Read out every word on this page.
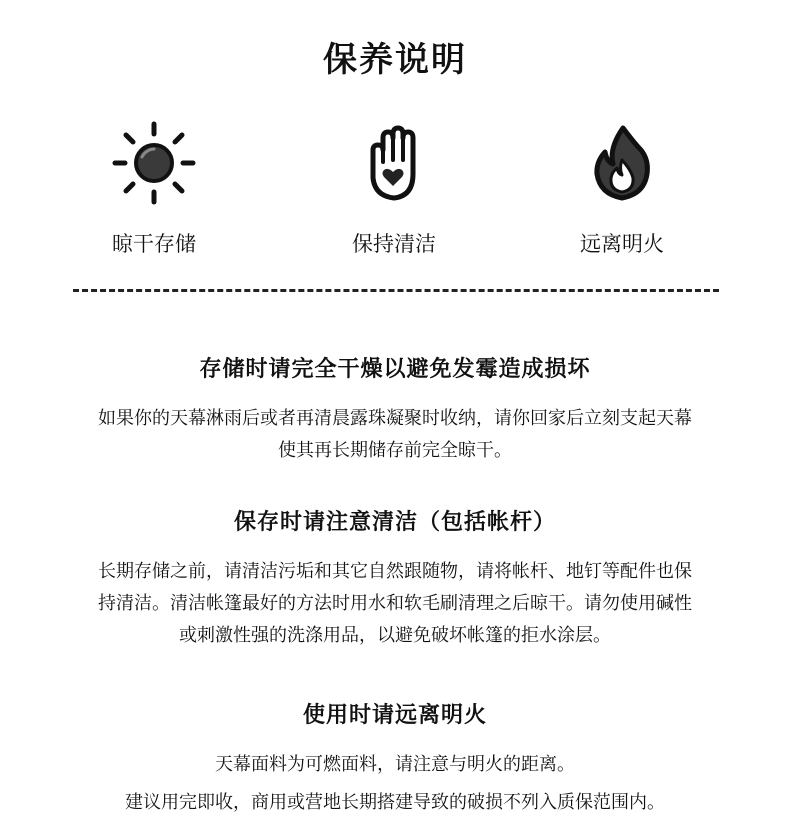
保养说明
晾干存储	保持清洁	远离明火
存储时请完全干燥以避免发霉造成损坏

如果你的天幕淋雨后或者再清晨露珠凝聚时收纳，请你回家后立刻支起天幕

使其再长期储存前完全晾干。

保存时请注意清洁（包括帐杆）

长期存储之前，请清洁污垢和其它自然跟随物，请将帐杆、地钉等配件也保

持清洁。清洁帐篷最好的方法时用水和软毛刷清理之后晾干。请勿使用碱性

或刺激性强的洗涤用品，以避免破坏帐篷的拒水涂层。

使用时请远离明火

天幕面料为可燃面料，请注意与明火的距离。

建议用完即收，商用或营地长期搭建导致的破损不列入质保范围内。
